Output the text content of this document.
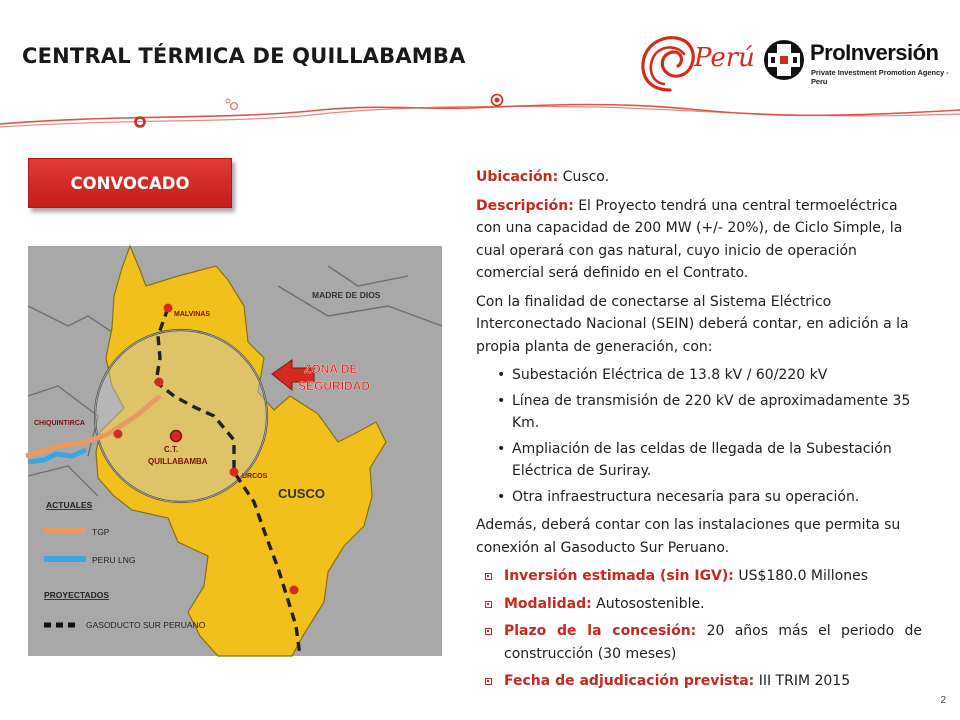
CENTRAL TÉRMICA DE QUILLABAMBA	Perú	ProInversión
Private Investment Promotion Agency - Peru
CONVOCADO
MADRE DE DIOS
MALVINAS
ZONA DE
SEGURIDAD
CHIQUINTIRCA
C.T.
QUILLABAMBA
URCOS
CUSCO
ACTUALES
TGP
PERU LNG
PROYECTADOS
GASODUCTO SUR PERUANO

Ubicación: Cusco.

Descripción: El Proyecto tendrá una central termoeléctrica con una capacidad de 200 MW (+/- 20%), de Ciclo Simple, la cual operará con gas natural, cuyo inicio de operación comercial será definido en el Contrato.

Con la finalidad de conectarse al Sistema Eléctrico Interconectado Nacional (SEIN) deberá contar, en adición a la propia planta de generación, con:

• Subestación Eléctrica de 13.8 kV / 60/220 kV
• Línea de transmisión de 220 kV de aproximadamente 35 Km.
• Ampliación de las celdas de llegada de la Subestación Eléctrica de Suriray.
• Otra infraestructura necesaria para su operación.

Además, deberá contar con las instalaciones que permita su conexión al Gasoducto Sur Peruano.

Inversión estimada (sin IGV): US$180.0 Millones
Modalidad: Autosostenible.
Plazo de la concesión: 20 años más el periodo de construcción (30 meses)
Fecha de adjudicación prevista: III TRIM 2015
2
